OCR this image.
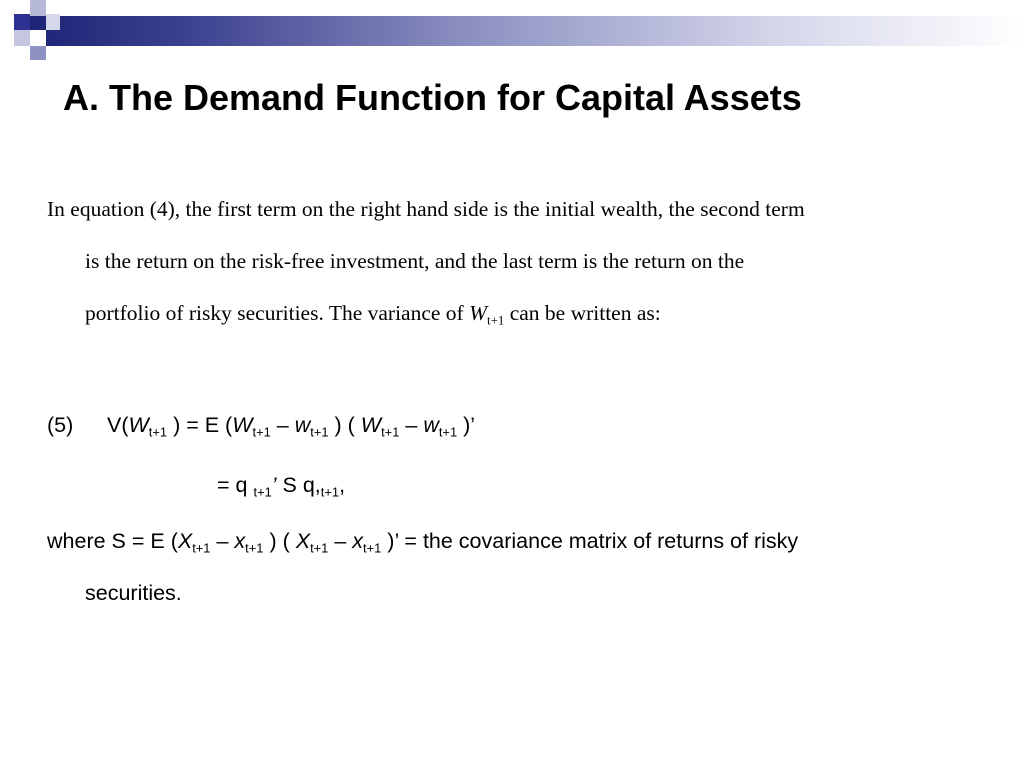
A. The Demand Function for Capital Assets
In equation (4), the first term on the right hand side is the initial wealth, the second term
is the return on the risk-free investment, and the last term is the return on the
portfolio of risky securities. The variance of $W_{t+1}$ can be written as:
(5) $V(W_{t+1}$ ) = E ($W_{t+1} - w_{t+1}$ ) ( $W_{t+1} - w_{t+1}$ )’
= q $_{t+1}$’ S $q,_{t+1}$,
where S = E ($X_{t+1} - x_{t+1}$ ) ( $X_{t+1} - x_{t+1}$ )’ = the covariance matrix of returns of risky
securities.
